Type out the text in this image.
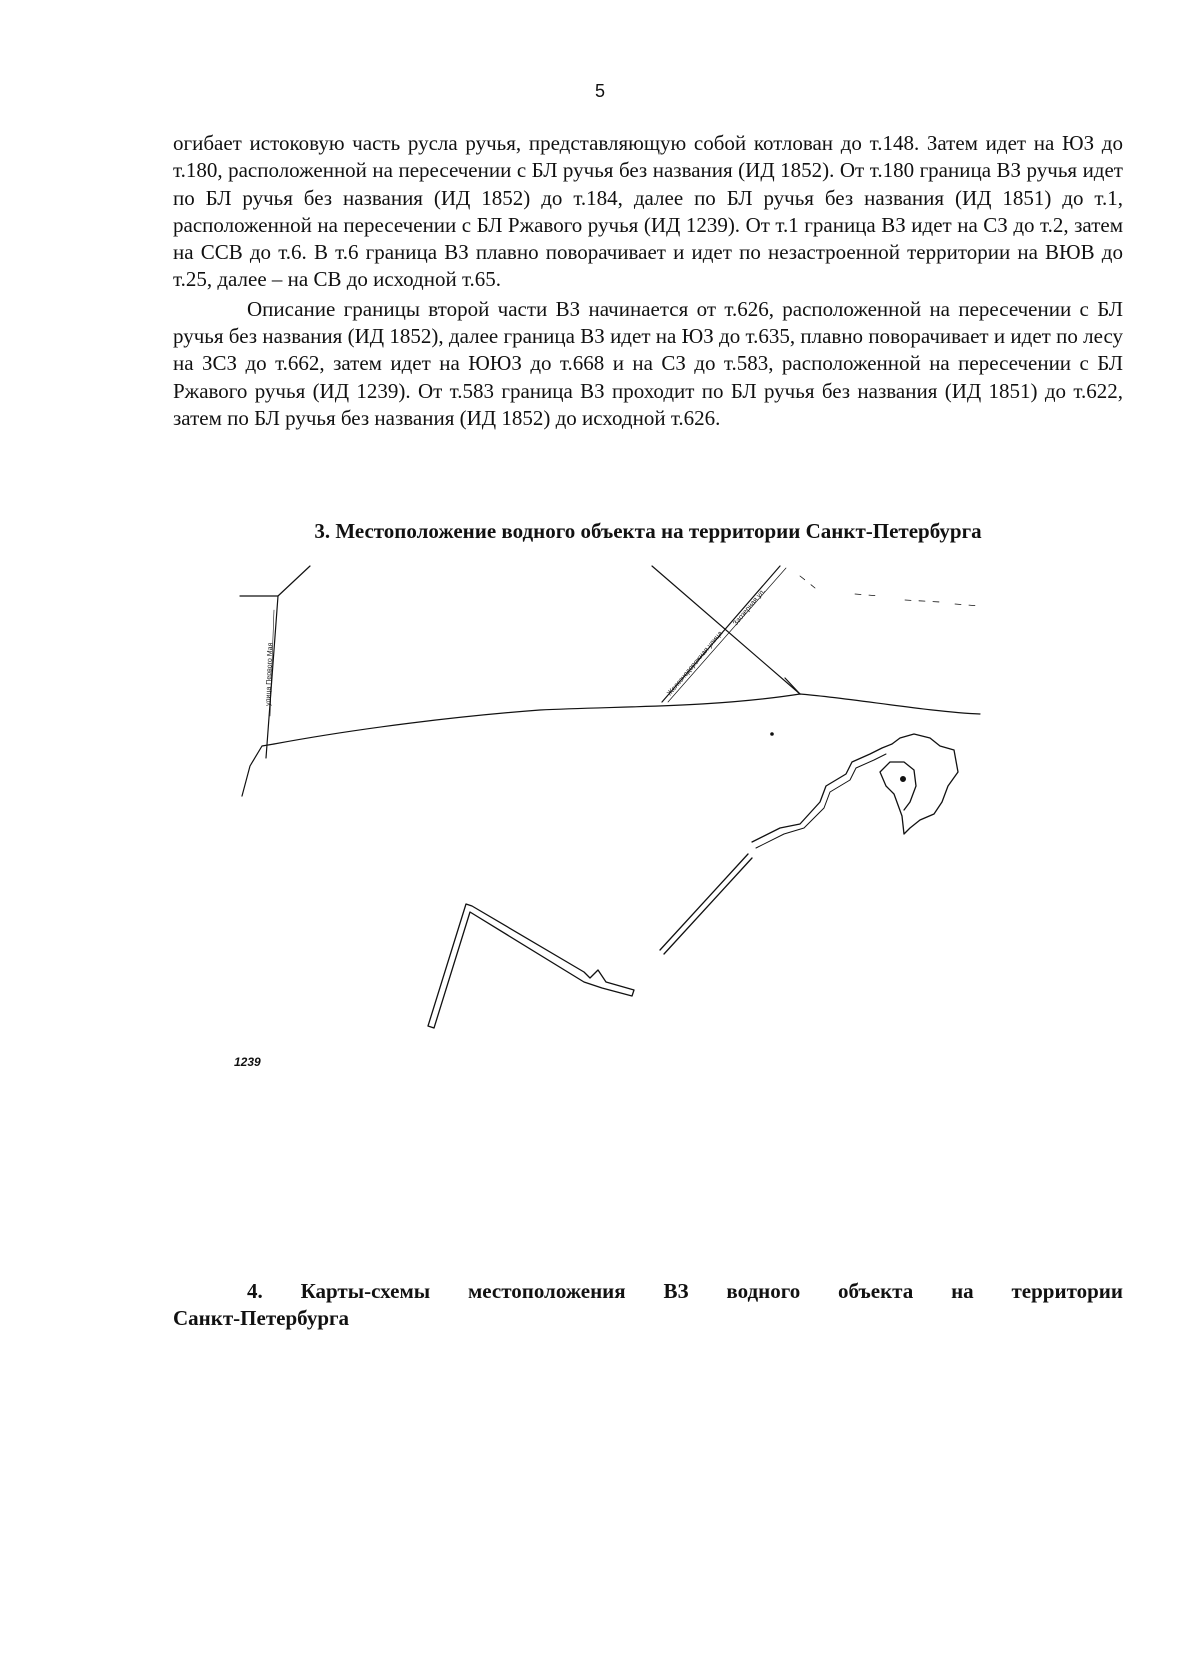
5

огибает истоковую часть русла ручья, представляющую собой котлован до т.148. Затем идет на ЮЗ до т.180, расположенной на пересечении с БЛ ручья без названия (ИД 1852). От т.180 граница ВЗ ручья идет по БЛ ручья без названия (ИД 1852) до т.184, далее по БЛ ручья без названия (ИД 1851) до т.1, расположенной на пересечении с БЛ Ржавого ручья (ИД 1239). От т.1 граница ВЗ идет на СЗ до т.2, затем на ССВ до т.6. В т.6 граница ВЗ плавно поворачивает и идет по незастроенной территории на ВЮВ до т.25, далее – на СВ до исходной т.65.

Описание границы второй части ВЗ начинается от т.626, расположенной на пересечении с БЛ ручья без названия (ИД 1852), далее граница ВЗ идет на ЮЗ до т.635, плавно поворачивает и идет по лесу на ЗСЗ до т.662, затем идет на ЮЮЗ до т.668 и на СЗ до т.583, расположенной на пересечении с БЛ Ржавого ручья (ИД 1239). От т.583 граница ВЗ проходит по БЛ ручья без названия (ИД 1851) до т.622, затем по БЛ ручья без названия (ИД 1852) до исходной т.626.

3. Местоположение водного объекта на территории Санкт-Петербурга
улица Первого Мая	Железнодорожная улица
Заозерная ул.
1239
4. Карты-схемы местоположения ВЗ водного объекта на территории
Санкт-Петербурга
